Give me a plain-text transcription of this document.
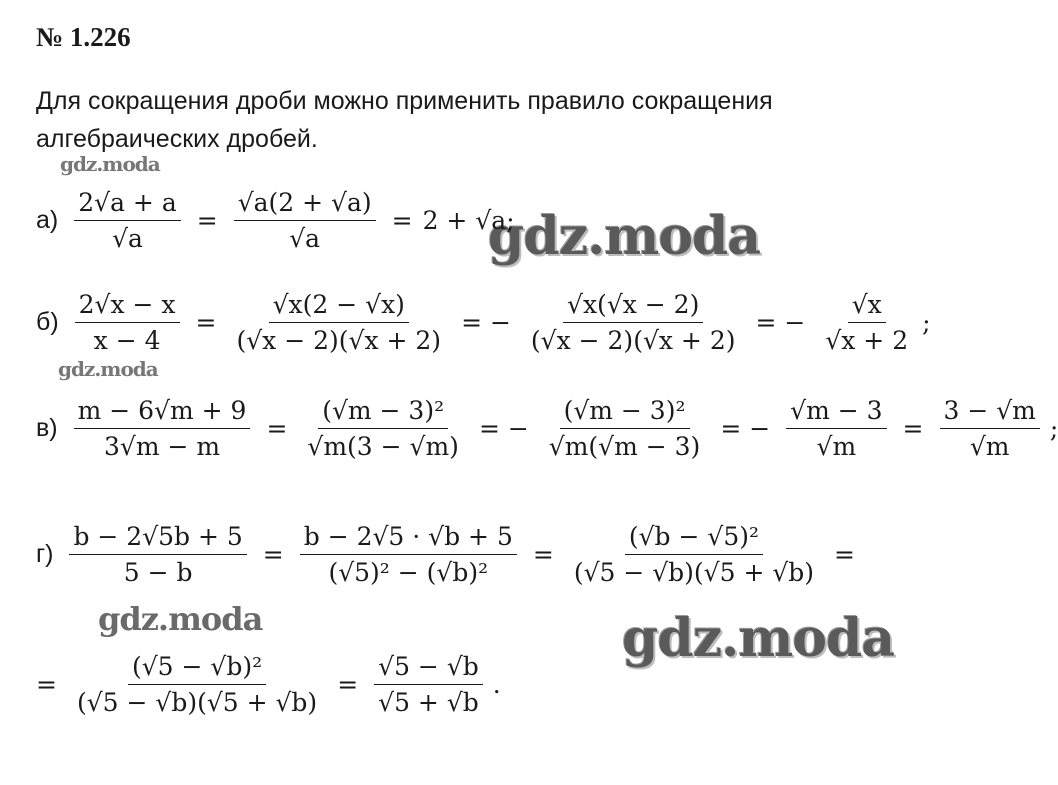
№ 1.226
Для сокращения дроби можно применить правило сокращения алгебраических дробей.
gdz.moda
gdz.moda
gdz.moda
gdz.moda	gdz.moda
$а) \frac{2√a + a}{√a} = \frac{√a(2 + √a)}{√a} = 2 + √a$;
$б) \frac{2√x - x}{x - 4} = \frac{√x(2 - √x)}{(√x - 2)(√x + 2)}$ = − $\frac{√x(√x - 2)}{(√x - 2)(√x + 2)}$ = − $\frac{√x}{√x + 2}$ ;
$в) \frac{m - 6√m + 9}{3√m - m} = \frac{\text{(√m − 3)²}}{√m(3 - √m)}$ = − $\frac{\text{(√m − 3)²}}{√m(√m - 3)}$ = − $\frac{√m - 3}{√m} = \frac{3 - √m}{√m}$ ;
$г) \frac{b - 2√5b + 5}{5 - b} = \frac{b - 2√5 \cdot √b + 5}{\text{(√5)² − (√b)²}} = \frac{\text{(√b − √5)²}}{(√5 - √b)(√5 + √b)}$ =
= $\frac{\text{(√5 − √b)²}}{(√5 - √b)(√5 + √b)} = \frac{√5 - √b}{√5 + √b}$ .
